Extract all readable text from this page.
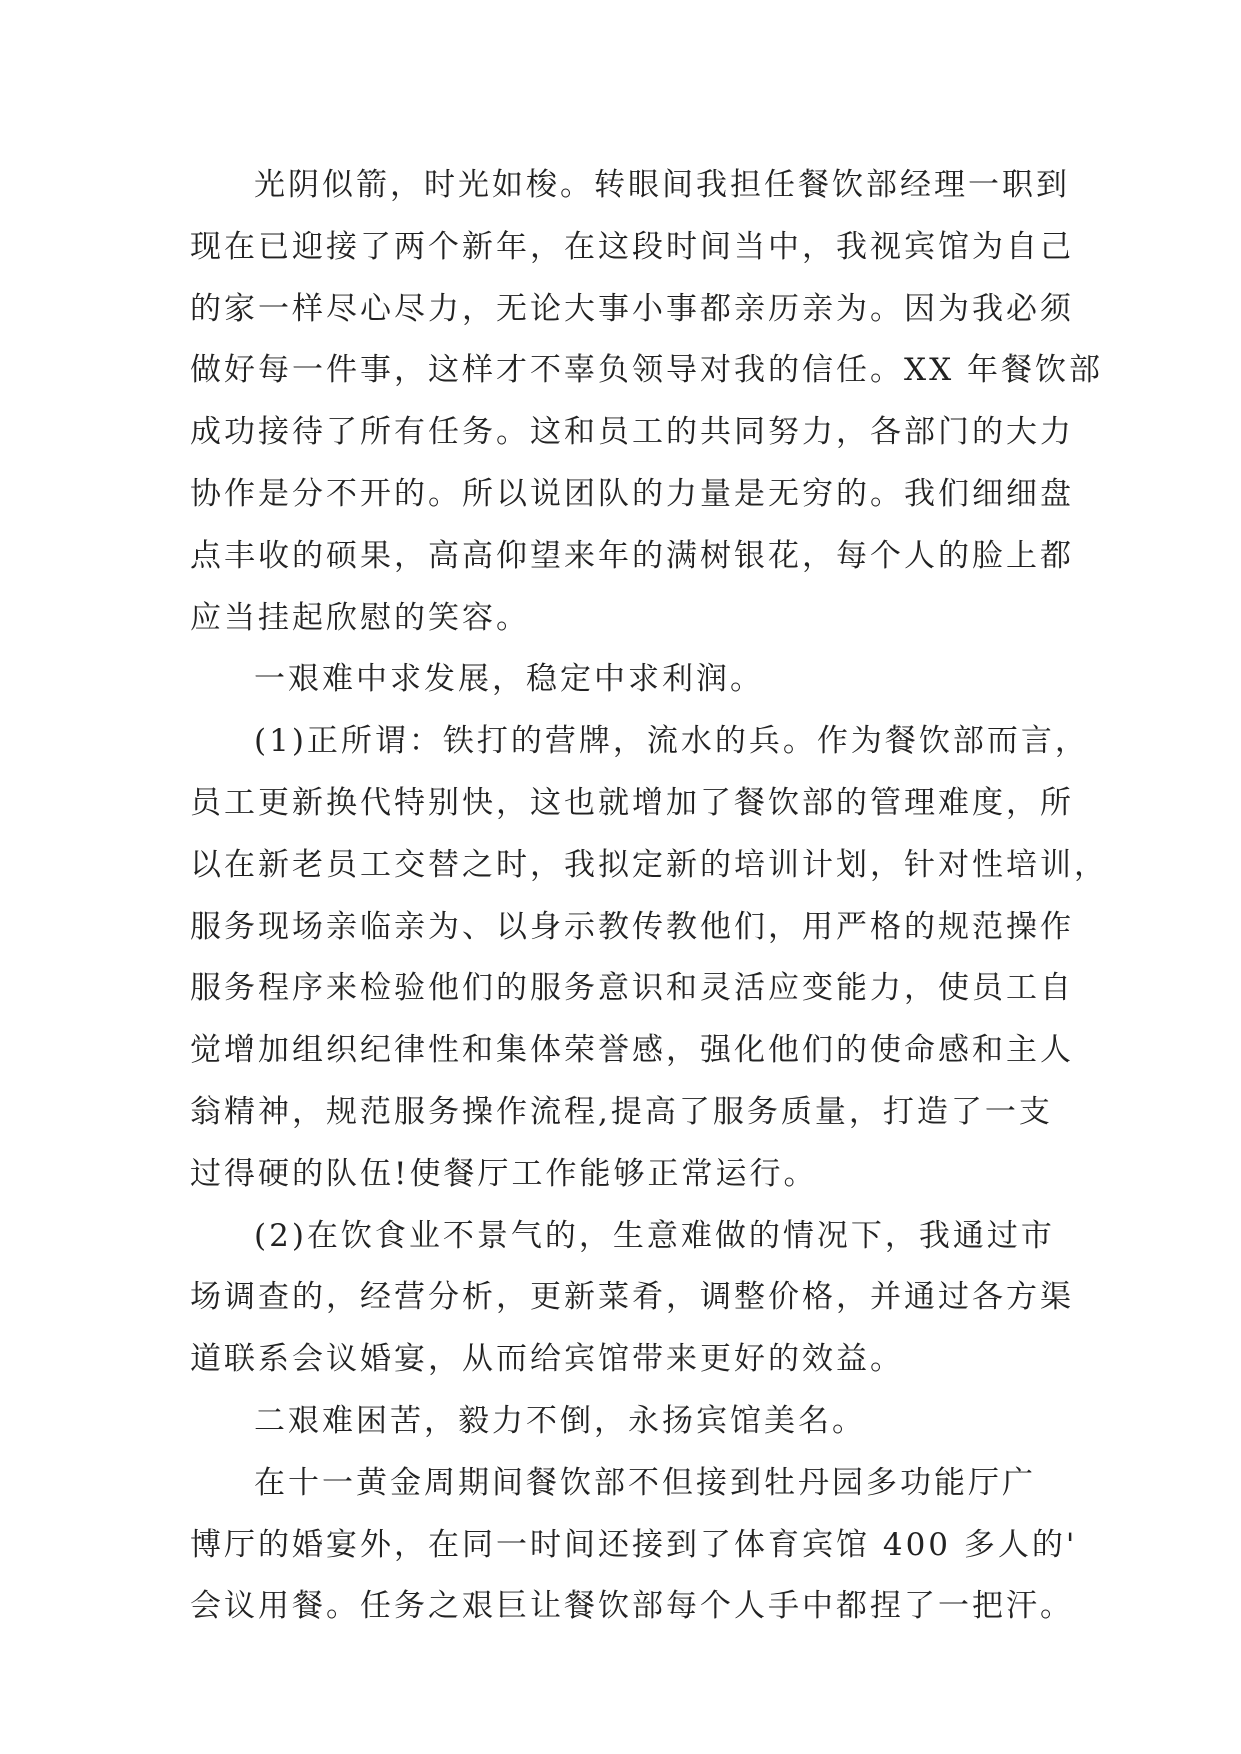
光阴似箭，时光如梭。转眼间我担任餐饮部经理一职到
现在已迎接了两个新年，在这段时间当中，我视宾馆为自己
的家一样尽心尽力，无论大事小事都亲历亲为。因为我必须
做好每一件事，这样才不辜负领导对我的信任。XX 年餐饮部
成功接待了所有任务。这和员工的共同努力，各部门的大力
协作是分不开的。所以说团队的力量是无穷的。我们细细盘
点丰收的硕果，高高仰望来年的满树银花，每个人的脸上都
应当挂起欣慰的笑容。
一艰难中求发展，稳定中求利润。
(1)正所谓：铁打的营牌，流水的兵。作为餐饮部而言，
员工更新换代特别快，这也就增加了餐饮部的管理难度，所
以在新老员工交替之时，我拟定新的培训计划，针对性培训，
服务现场亲临亲为、以身示教传教他们，用严格的规范操作
服务程序来检验他们的服务意识和灵活应变能力，使员工自
觉增加组织纪律性和集体荣誉感，强化他们的使命感和主人
翁精神，规范服务操作流程,提高了服务质量，打造了一支
过得硬的队伍!使餐厅工作能够正常运行。
(2)在饮食业不景气的，生意难做的情况下，我通过市
场调查的，经营分析，更新菜肴，调整价格，并通过各方渠
道联系会议婚宴，从而给宾馆带来更好的效益。
二艰难困苦，毅力不倒，永扬宾馆美名。
在十一黄金周期间餐饮部不但接到牡丹园多功能厅广
博厅的婚宴外，在同一时间还接到了体育宾馆 400 多人的'
会议用餐。任务之艰巨让餐饮部每个人手中都捏了一把汗。
